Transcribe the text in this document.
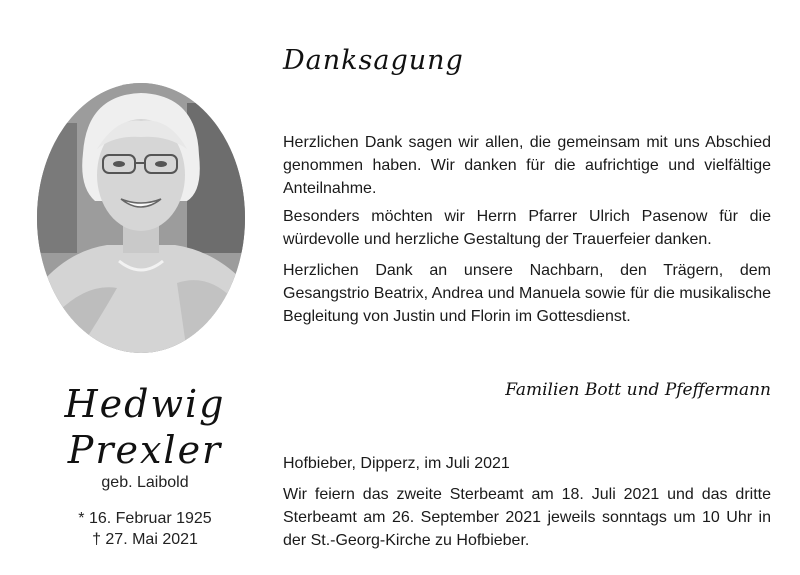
Hedwig
Prexler
geb. Laibold
* 16. Februar 1925
† 27. Mai 2021
Danksagung

Herzlichen Dank sagen wir allen, die gemeinsam mit uns Abschied genommen haben. Wir danken für die aufrichtige und vielfältige Anteilnahme.

Besonders möchten wir Herrn Pfarrer Ulrich Pasenow für die würdevolle und herzliche Gestaltung der Trauerfeier danken.

Herzlichen Dank an unsere Nachbarn, den Trägern, dem Gesangstrio Beatrix, Andrea und Manuela sowie für die musikalische Begleitung von Justin und Florin im Gottesdienst.

Familien Bott und Pfeffermann
Hofbieber, Dipperz, im Juli 2021

Wir feiern das zweite Sterbeamt am 18. Juli 2021 und das dritte Sterbeamt am 26. September 2021 jeweils sonntags um 10 Uhr in der St.-Georg-Kirche zu Hofbieber.
